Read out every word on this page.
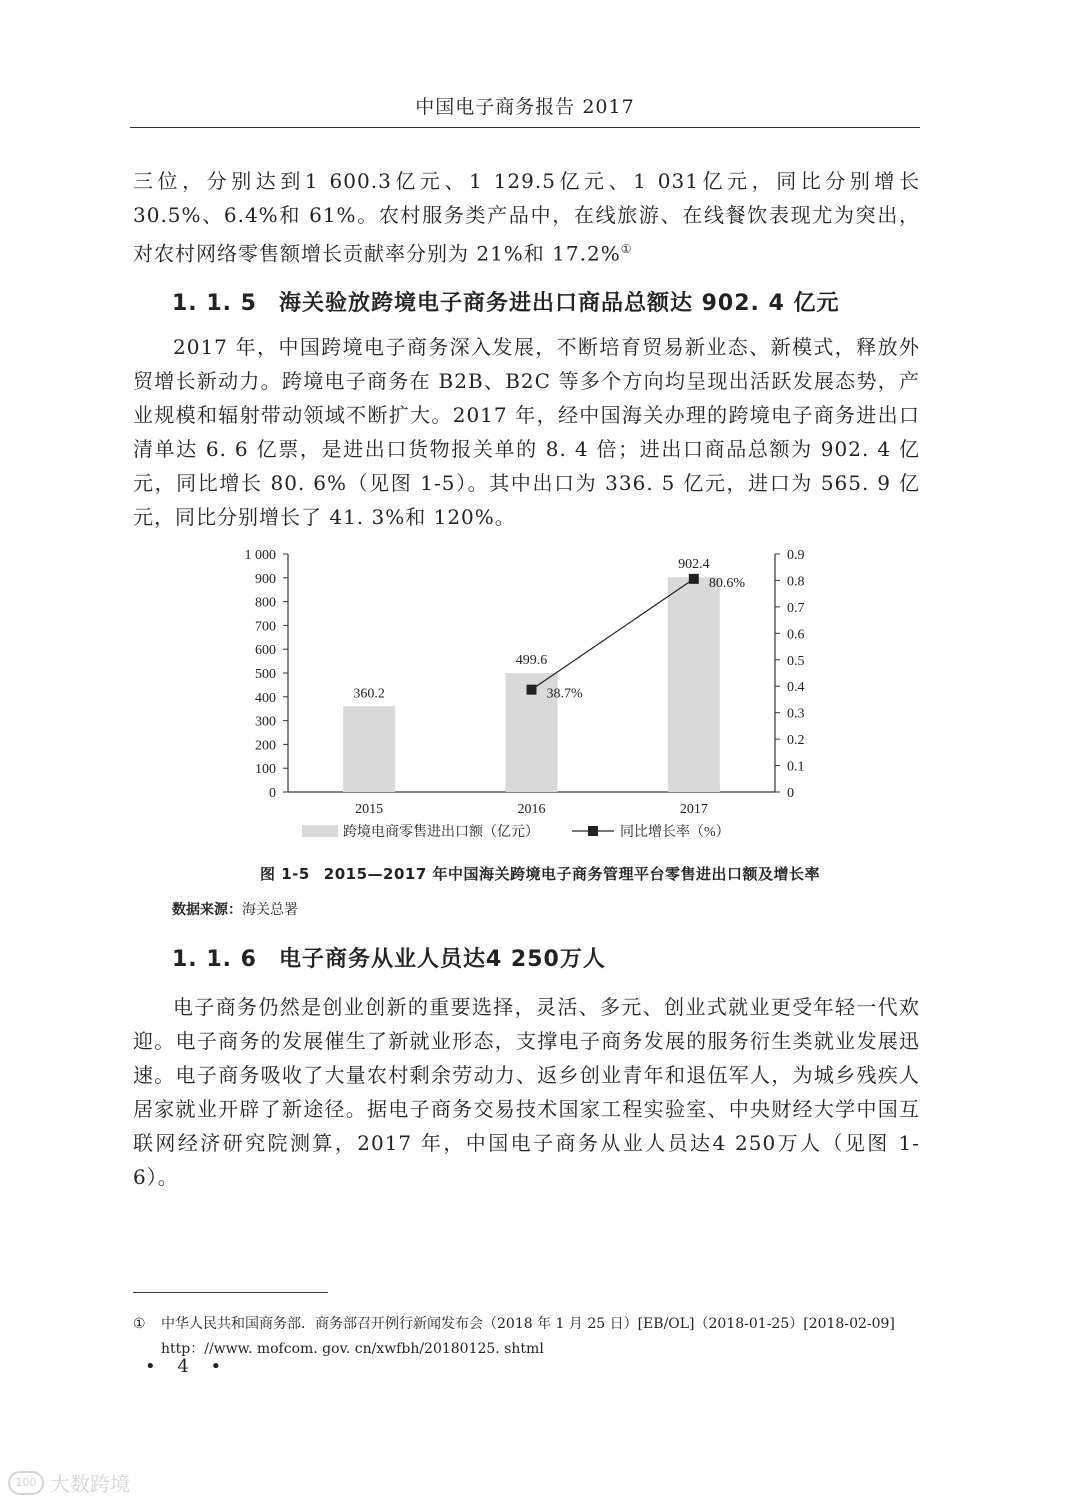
中国电子商务报告 2017

三位，分别达到1 600.3亿元、1 129.5亿元、1 031亿元，同比分别增长 30.5%、6.4%和 61%。农村服务类产品中，在线旅游、在线餐饮表现尤为突出，对农村网络零售额增长贡献率分别为 21%和 17.2%①

1. 1. 5 海关验放跨境电子商务进出口商品总额达 902. 4 亿元

2017 年，中国跨境电子商务深入发展，不断培育贸易新业态、新模式，释放外贸增长新动力。跨境电子商务在 B2B、B2C 等多个方向均呈现出活跃发展态势，产业规模和辐射带动领域不断扩大。2017 年，经中国海关办理的跨境电子商务进出口清单达 6. 6 亿票，是进出口货物报关单的 8. 4 倍；进出口商品总额为 902. 4 亿元，同比增长 80. 6%（见图 1-5）。其中出口为 336. 5 亿元，进口为 565. 9 亿元，同比分别增长了 41. 3%和 120%。

0
100
200
300
400
500
600
700
800
900
1 000
0
0.1
0.2
0.3
0.4
0.5
0.6
0.7
0.8
0.9
360.2
2015
499.6
2016
902.4
2017
38.7%
80.6%
跨境电商零售进出口额（亿元）	同比增长率（%）
图 1-5 2015—2017 年中国海关跨境电子商务管理平台零售进出口额及增长率
数据来源：海关总署
1. 1. 6 电子商务从业人员达4 250万人

电子商务仍然是创业创新的重要选择，灵活、多元、创业式就业更受年轻一代欢迎。电子商务的发展催生了新就业形态，支撑电子商务发展的服务衍生类就业发展迅速。电子商务吸收了大量农村剩余劳动力、返乡创业青年和退伍军人，为城乡残疾人居家就业开辟了新途径。据电子商务交易技术国家工程实验室、中央财经大学中国互联网经济研究院测算，2017 年，中国电子商务从业人员达4 250万人（见图 1-6）。

① 中华人民共和国商务部．商务部召开例行新闻发布会（2018 年 1 月 25 日）[EB/OL]（2018-01-25）[2018-02-09]
http：//www. mofcom. gov. cn/xwfbh/20180125. shtml
• 4 •
100 大数跨境
